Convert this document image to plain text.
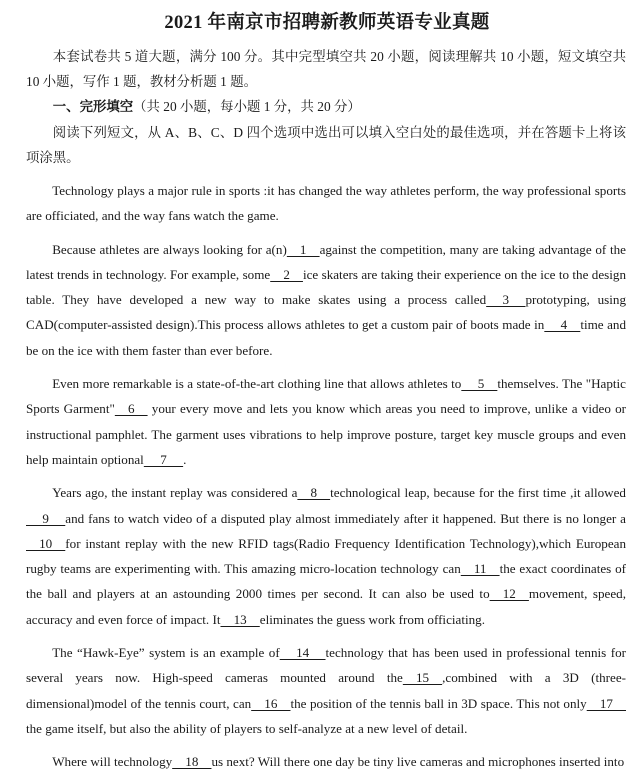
2021 年南京市招聘新教师英语专业真题

本套试卷共 5 道大题，满分 100 分。其中完型填空共 20 小题，阅读理解共 10 小题，短文填空共 10 小题，写作 1 题，教材分析题 1 题。

一、完形填空（共 20 小题，每小题 1 分，共 20 分）

阅读下列短文，从 A、B、C、D 四个选项中选出可以填入空白处的最佳选项，并在答题卡上将该项涂黑。

Technology plays a major rule in sports :it has changed the way athletes perform, the way professional sports are officiated, and the way fans watch the game.

Because athletes are always looking for a(n)    1    against the competition, many are taking advantage of the latest trends in technology. For example, some    2    ice skaters are taking their experience on the ice to the design table. They have developed a new way to make skates using a process called     3     prototyping, using CAD(computer-assisted design).This process allows athletes to get a custom pair of boots made in     4    time and be on the ice with them faster than ever before.

Even more remarkable is a state-of-the-art clothing line that allows athletes to     5    themselves. The "Haptic Sports Garment"    6     your every move and lets you know which areas you need to improve, unlike a video or instructional pamphlet. The garment uses vibrations to help improve posture, target key muscle groups and even help maintain optional     7     .

Years ago, the instant replay was considered a    8    technological leap, because for the first time ,it allowed     9     and fans to watch video of a disputed play almost immediately after it happened. But there is no longer a    10    for instant replay with the new RFID tags(Radio Frequency Identification Technology),which European rugby teams are experimenting with. This amazing micro-location technology can    11    the exact coordinates of the ball and players at an astounding 2000 times per second. It can also be used to    12    movement, speed, accuracy and even force of impact. It    13    eliminates the guess work from officiating.

The “Hawk-Eye” system is an example of     14     technology that has been used in professional tennis for several years now. High-speed cameras mounted around the    15    ,combined with a 3D (three-dimensional)model of the tennis court, can    16    the position of the tennis ball in 3D space. This not only    17    the game itself, but also the ability of players to self-analyze at a new level of detail.

Where will technology    18    us next? Will there one day be tiny live cameras and microphones inserted into
